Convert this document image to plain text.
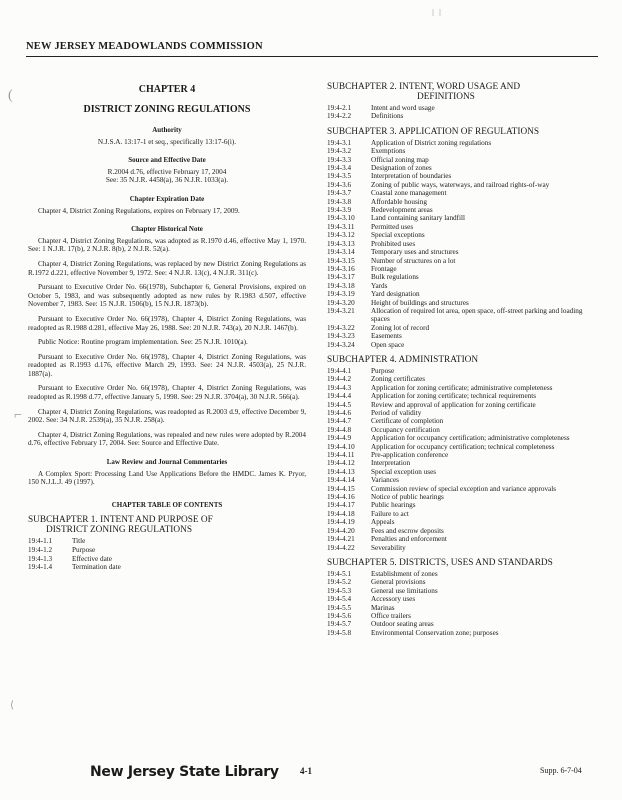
NEW JERSEY MEADOWLANDS COMMISSION
CHAPTER 4
DISTRICT ZONING REGULATIONS
Authority
N.J.S.A. 13:17-1 et seq., specifically 13:17-6(i).
Source and Effective Date
R.2004 d.76, effective February 17, 2004
See: 35 N.J.R. 4458(a), 36 N.J.R. 1033(a).
Chapter Expiration Date
Chapter 4, District Zoning Regulations, expires on February 17, 2009.
Chapter Historical Note
Chapter 4, District Zoning Regulations, was adopted as R.1970 d.46, effective May 1, 1970. See: 1 N.J.R. 17(b), 2 N.J.R. 8(b), 2 N.J.R. 52(a).
Chapter 4, District Zoning Regulations, was replaced by new District Zoning Regulations as R.1972 d.221, effective November 9, 1972. See: 4 N.J.R. 13(c), 4 N.J.R. 311(c).
Pursuant to Executive Order No. 66(1978), Subchapter 6, General Provisions, expired on October 5, 1983, and was subsequently adopted as new rules by R.1983 d.507, effective November 7, 1983. See: 15 N.J.R. 1506(b), 15 N.J.R. 1873(b).
Pursuant to Executive Order No. 66(1978), Chapter 4, District Zoning Regulations, was readopted as R.1988 d.281, effective May 26, 1988. See: 20 N.J.R. 743(a), 20 N.J.R. 1467(b).
Public Notice: Routine program implementation. See: 25 N.J.R. 1010(a).
Pursuant to Executive Order No. 66(1978), Chapter 4, District Zoning Regulations, was readopted as R.1993 d.176, effective March 29, 1993. See: 24 N.J.R. 4503(a), 25 N.J.R. 1887(a).
Pursuant to Executive Order No. 66(1978), Chapter 4, District Zoning Regulations, was readopted as R.1998 d.77, effective January 5, 1998. See: 29 N.J.R. 3704(a), 30 N.J.R. 566(a).
Chapter 4, District Zoning Regulations, was readopted as R.2003 d.9, effective December 9, 2002. See: 34 N.J.R. 2539(a), 35 N.J.R. 258(a).
Chapter 4, District Zoning Regulations, was repealed and new rules were adopted by R.2004 d.76, effective February 17, 2004. See: Source and Effective Date.
Law Review and Journal Commentaries
A Complex Sport: Processing Land Use Applications Before the HMDC. James K. Pryor, 150 N.J.L.J. 49 (1997).
CHAPTER TABLE OF CONTENTS
SUBCHAPTER 1. INTENT AND PURPOSE OF
DISTRICT ZONING REGULATIONS
19:4-1.1	Title
19:4-1.2	Purpose
19:4-1.3	Effective date
19:4-1.4	Termination date
SUBCHAPTER 2. INTENT, WORD USAGE AND
DEFINITIONS
19:4-2.1	Intent and word usage
19:4-2.2	Definitions
SUBCHAPTER 3. APPLICATION OF REGULATIONS
19:4-3.1	Application of District zoning regulations
19:4-3.2	Exemptions
19:4-3.3	Official zoning map
19:4-3.4	Designation of zones
19:4-3.5	Interpretation of boundaries
19:4-3.6	Zoning of public ways, waterways, and railroad rights-of-way
19:4-3.7	Coastal zone management
19:4-3.8	Affordable housing
19:4-3.9	Redevelopment areas
19:4-3.10	Land containing sanitary landfill
19:4-3.11	Permitted uses
19:4-3.12	Special exceptions
19:4-3.13	Prohibited uses
19:4-3.14	Temporary uses and structures
19:4-3.15	Number of structures on a lot
19:4-3.16	Frontage
19:4-3.17	Bulk regulations
19:4-3.18	Yards
19:4-3.19	Yard designation
19:4-3.20	Height of buildings and structures
19:4-3.21	Allocation of required lot area, open space, off-street parking and loading spaces
19:4-3.22	Zoning lot of record
19:4-3.23	Easements
19:4-3.24	Open space
SUBCHAPTER 4. ADMINISTRATION
19:4-4.1	Purpose
19:4-4.2	Zoning certificates
19:4-4.3	Application for zoning certificate; administrative completeness
19:4-4.4	Application for zoning certificate; technical requirements
19:4-4.5	Review and approval of application for zoning certificate
19:4-4.6	Period of validity
19:4-4.7	Certificate of completion
19:4-4.8	Occupancy certification
19:4-4.9	Application for occupancy certification; administrative completeness
19:4-4.10	Application for occupancy certification; technical completeness
19:4-4.11	Pre-application conference
19:4-4.12	Interpretation
19:4-4.13	Special exception uses
19:4-4.14	Variances
19:4-4.15	Commission review of special exception and variance approvals
19:4-4.16	Notice of public hearings
19:4-4.17	Public hearings
19:4-4.18	Failure to act
19:4-4.19	Appeals
19:4-4.20	Fees and escrow deposits
19:4-4.21	Penalties and enforcement
19:4-4.22	Severability
SUBCHAPTER 5. DISTRICTS, USES AND STANDARDS
19:4-5.1	Establishment of zones
19:4-5.2	General provisions
19:4-5.3	General use limitations
19:4-5.4	Accessory uses
19:4-5.5	Marinas
19:4-5.6	Office trailers
19:4-5.7	Outdoor seating areas
19:4-5.8	Environmental Conservation zone; purposes
New Jersey State Library 4-1	Supp. 6-7-04
ǀ  ǀ
(
⌐
⟨
